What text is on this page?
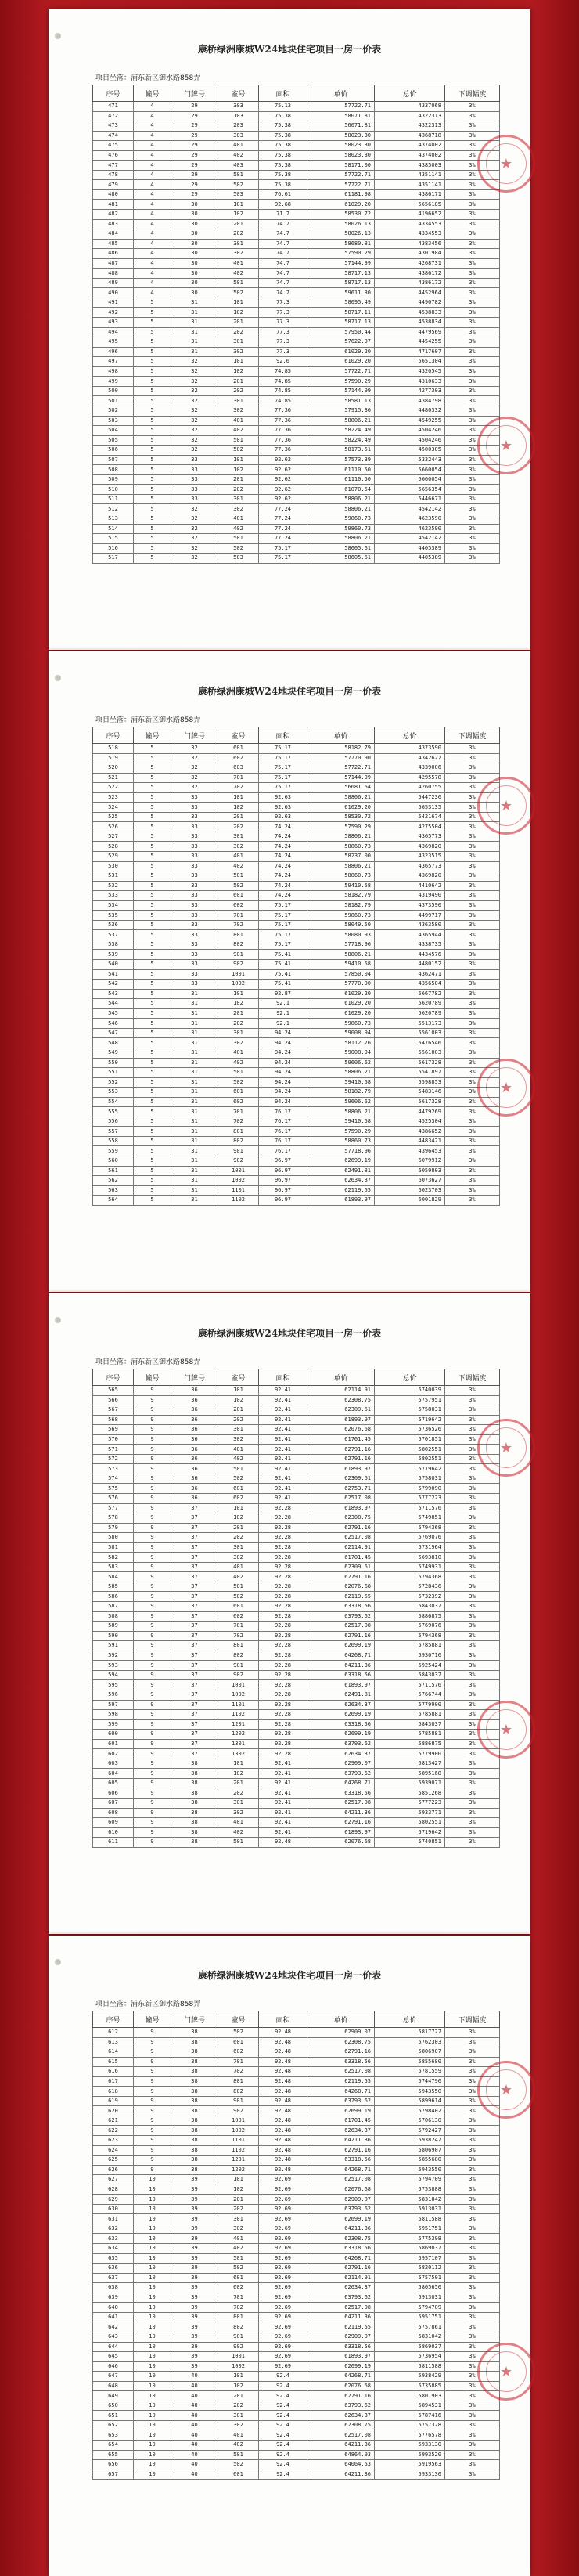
康桥绿洲康城W24地块住宅项目一房一价表
项目坐落：浦东新区御水路858弄
序号	幢号	门牌号	室号	面积	单价	总价	下调幅度
471	4	29	303	75.13	57722.71	4337068	3%
472	4	29	103	75.38	58071.81	4322313	3%
473	4	29	203	75.38	56071.81	4322313	3%
474	4	29	303	75.38	58023.30	4368718	3%
475	4	29	401	75.38	58023.30	4374002	3%
476	4	29	402	75.38	58023.30	4374002	3%
477	4	29	403	75.38	58171.00	4385003	3%
478	4	29	501	75.38	57722.71	4351141	3%
479	4	29	502	75.38	57722.71	4351141	3%
480	4	29	503	76.61	61181.98	4386171	3%
481	4	30	101	92.68	61029.20	5656185	3%
482	4	30	102	71.7	58530.72	4196652	3%
483	4	30	201	74.7	58026.13	4334553	3%
484	4	30	202	74.7	58026.13	4334553	3%
485	4	30	301	74.7	58680.81	4383456	3%
486	4	30	302	74.7	57590.29	4301984	3%
487	4	30	401	74.7	57144.99	4268731	3%
488	4	30	402	74.7	58717.13	4386172	3%
489	4	30	501	74.7	58717.13	4386172	3%
490	4	30	502	74.7	59611.30	4452964	3%
491	5	31	101	77.3	58095.49	4490782	3%
492	5	31	102	77.3	58717.11	4538833	3%
493	5	31	201	77.3	58717.13	4538834	3%
494	5	31	202	77.3	57950.44	4479569	3%
495	5	31	301	77.3	57622.97	4454255	3%
496	5	31	302	77.3	61029.20	4717607	3%
497	5	32	101	92.6	61029.20	5651304	3%
498	5	32	102	74.85	57722.71	4320545	3%
499	5	32	201	74.85	57590.29	4310633	3%
500	5	32	202	74.85	57144.99	4277303	3%
501	5	32	301	74.85	58581.13	4384798	3%
502	5	32	302	77.36	57915.36	4480332	3%
503	5	32	401	77.36	58806.21	4549255	3%
504	5	32	402	77.36	58224.49	4504246	3%
505	5	32	501	77.36	58224.49	4504246	3%
506	5	32	502	77.36	58173.51	4500305	3%
507	5	33	101	92.62	57573.39	5332443	3%
508	5	33	102	92.62	61110.50	5660054	3%
509	5	33	201	92.62	61110.50	5660054	3%
510	5	33	202	92.62	61070.54	5656354	3%
511	5	33	301	92.62	58806.21	5446671	3%
512	5	32	302	77.24	58806.21	4542142	3%
513	5	32	401	77.24	59860.73	4623590	3%
514	5	32	402	77.24	59860.73	4623590	3%
515	5	32	501	77.24	58806.21	4542142	3%
516	5	32	502	75.17	58605.61	4405389	3%
517	5	32	503	75.17	58605.61	4405389	3%
★
★
康桥绿洲康城W24地块住宅项目一房一价表
项目坐落：浦东新区御水路858弄
序号	幢号	门牌号	室号	面积	单价	总价	下调幅度
518	5	32	601	75.17	58182.79	4373590	3%
519	5	32	602	75.17	57770.90	4342627	3%
520	5	32	603	75.17	57722.71	4339006	3%
521	5	32	701	75.17	57144.99	4295578	3%
522	5	32	702	75.17	56681.64	4260755	3%
523	5	33	101	92.63	58806.21	5447236	3%
524	5	33	102	92.63	61029.20	5653135	3%
525	5	33	201	92.63	58530.72	5421674	3%
526	5	33	202	74.24	57590.29	4275504	3%
527	5	33	301	74.24	58806.21	4365773	3%
528	5	33	302	74.24	58860.73	4369820	3%
529	5	33	401	74.24	58237.00	4323515	3%
530	5	33	402	74.24	58806.21	4365773	3%
531	5	33	501	74.24	58860.73	4369820	3%
532	5	33	502	74.24	59410.58	4410642	3%
533	5	33	601	74.24	58182.79	4319490	3%
534	5	33	602	75.17	58182.79	4373590	3%
535	5	33	701	75.17	59860.73	4499717	3%
536	5	33	702	75.17	58049.50	4363580	3%
537	5	33	801	75.17	58080.93	4365944	3%
538	5	33	802	75.17	57718.96	4338735	3%
539	5	33	901	75.41	58806.21	4434576	3%
540	5	33	902	75.41	59410.58	4480152	3%
541	5	33	1001	75.41	57850.04	4362471	3%
542	5	33	1002	75.41	57770.90	4356504	3%
543	5	31	101	92.87	61029.20	5667782	3%
544	5	31	102	92.1	61029.20	5620789	3%
545	5	31	201	92.1	61029.20	5620789	3%
546	5	31	202	92.1	59860.73	5513173	3%
547	5	31	301	94.24	59008.94	5561003	3%
548	5	31	302	94.24	58112.76	5476546	3%
549	5	31	401	94.24	59008.94	5561003	3%
550	5	31	402	94.24	59606.62	5617328	3%
551	5	31	501	94.24	58806.21	5541897	3%
552	5	31	502	94.24	59410.58	5598853	3%
553	5	31	601	94.24	58182.79	5483146	3%
554	5	31	602	94.24	59606.62	5617328	3%
555	5	31	701	76.17	58806.21	4479269	3%
556	5	31	702	76.17	59410.58	4525304	3%
557	5	31	801	76.17	57590.29	4386652	3%
558	5	31	802	76.17	58860.73	4483421	3%
559	5	31	901	76.17	57718.96	4396453	3%
560	5	31	902	96.97	62699.19	6079912	3%
561	5	31	1001	96.97	62491.81	6059803	3%
562	5	31	1002	96.97	62634.37	6073627	3%
563	5	31	1101	96.97	62119.55	6023703	3%
564	5	31	1102	96.97	61893.97	6001829	3%
★
★
康桥绿洲康城W24地块住宅项目一房一价表
项目坐落：浦东新区御水路858弄
序号	幢号	门牌号	室号	面积	单价	总价	下调幅度
565	9	36	101	92.41	62114.91	5740039	3%
566	9	36	102	92.41	62308.75	5757951	3%
567	9	36	201	92.41	62309.61	5758031	3%
568	9	36	202	92.41	61893.97	5719642	3%
569	9	36	301	92.41	62076.68	5736526	3%
570	9	36	302	92.41	61701.45	5701851	3%
571	9	36	401	92.41	62791.16	5802551	3%
572	9	36	402	92.41	62791.16	5802551	3%
573	9	36	501	92.41	61893.97	5719642	3%
574	9	36	502	92.41	62309.61	5758031	3%
575	9	36	601	92.41	62753.71	5799090	3%
576	9	36	602	92.41	62517.08	5777223	3%
577	9	37	101	92.28	61893.97	5711576	3%
578	9	37	102	92.28	62308.75	5749851	3%
579	9	37	201	92.28	62791.16	5794368	3%
580	9	37	202	92.28	62517.08	5769076	3%
581	9	37	301	92.28	62114.91	5731964	3%
582	9	37	302	92.28	61701.45	5693810	3%
583	9	37	401	92.28	62309.61	5749931	3%
584	9	37	402	92.28	62791.16	5794368	3%
585	9	37	501	92.28	62076.68	5728436	3%
586	9	37	502	92.28	62119.55	5732392	3%
587	9	37	601	92.28	63318.56	5843037	3%
588	9	37	602	92.28	63793.62	5886875	3%
589	9	37	701	92.28	62517.08	5769076	3%
590	9	37	702	92.28	62791.16	5794368	3%
591	9	37	801	92.28	62699.19	5785881	3%
592	9	37	802	92.28	64268.71	5930716	3%
593	9	37	901	92.28	64211.36	5925424	3%
594	9	37	902	92.28	63318.56	5843037	3%
595	9	37	1001	92.28	61893.97	5711576	3%
596	9	37	1002	92.28	62491.81	5766744	3%
597	9	37	1101	92.28	62634.37	5779900	3%
598	9	37	1102	92.28	62699.19	5785881	3%
599	9	37	1201	92.28	63318.56	5843037	3%
600	9	37	1202	92.28	62699.19	5785881	3%
601	9	37	1301	92.28	63793.62	5886875	3%
602	9	37	1302	92.28	62634.37	5779900	3%
603	9	38	101	92.41	62909.07	5813427	3%
604	9	38	102	92.41	63793.62	5895168	3%
605	9	38	201	92.41	64268.71	5939071	3%
606	9	38	202	92.41	63318.56	5851268	3%
607	9	38	301	92.41	62517.08	5777223	3%
608	9	38	302	92.41	64211.36	5933771	3%
609	9	38	401	92.41	62791.16	5802551	3%
610	9	38	402	92.41	61893.97	5719642	3%
611	9	38	501	92.48	62076.68	5740851	3%
★
★
康桥绿洲康城W24地块住宅项目一房一价表
项目坐落：浦东新区御水路858弄
序号	幢号	门牌号	室号	面积	单价	总价	下调幅度
612	9	38	502	92.48	62909.07	5817727	3%
613	9	38	601	92.48	62308.75	5762303	3%
614	9	38	602	92.48	62791.16	5806907	3%
615	9	38	701	92.48	63318.56	5855680	3%
616	9	38	702	92.48	62517.08	5781559	3%
617	9	38	801	92.48	62119.55	5744796	3%
618	9	38	802	92.48	64268.71	5943550	3%
619	9	38	901	92.48	63793.62	5899614	3%
620	9	38	902	92.48	62699.19	5798402	3%
621	9	38	1001	92.48	61701.45	5706130	3%
622	9	38	1002	92.48	62634.37	5792427	3%
623	9	38	1101	92.48	64211.36	5938247	3%
624	9	38	1102	92.48	62791.16	5806907	3%
625	9	38	1201	92.48	63318.56	5855680	3%
626	9	38	1202	92.48	64268.71	5943550	3%
627	10	39	101	92.69	62517.08	5794709	3%
628	10	39	102	92.69	62076.68	5753888	3%
629	10	39	201	92.69	62909.07	5831042	3%
630	10	39	202	92.69	63793.62	5913031	3%
631	10	39	301	92.69	62699.19	5811588	3%
632	10	39	302	92.69	64211.36	5951751	3%
633	10	39	401	92.69	62308.75	5775398	3%
634	10	39	402	92.69	63318.56	5869037	3%
635	10	39	501	92.69	64268.71	5957107	3%
636	10	39	502	92.69	62791.16	5820112	3%
637	10	39	601	92.69	62114.91	5757501	3%
638	10	39	602	92.69	62634.37	5805650	3%
639	10	39	701	92.69	63793.62	5913031	3%
640	10	39	702	92.69	62517.08	5794709	3%
641	10	39	801	92.69	64211.36	5951751	3%
642	10	39	802	92.69	62119.55	5757861	3%
643	10	39	901	92.69	62909.07	5831042	3%
644	10	39	902	92.69	63318.56	5869037	3%
645	10	39	1001	92.69	61893.97	5736954	3%
646	10	39	1002	92.69	62699.19	5811588	3%
647	10	40	101	92.4	64268.71	5938429	3%
648	10	40	102	92.4	62076.68	5735885	3%
649	10	40	201	92.4	62791.16	5801903	3%
650	10	40	202	92.4	63793.62	5894531	3%
651	10	40	301	92.4	62634.37	5787416	3%
652	10	40	302	92.4	62308.75	5757328	3%
653	10	40	401	92.4	62517.08	5776578	3%
654	10	40	402	92.4	64211.36	5933130	3%
655	10	40	501	92.4	64864.93	5993520	3%
656	10	40	502	92.4	64064.53	5919563	3%
657	10	40	601	92.4	64211.36	5933130	3%
★
★
